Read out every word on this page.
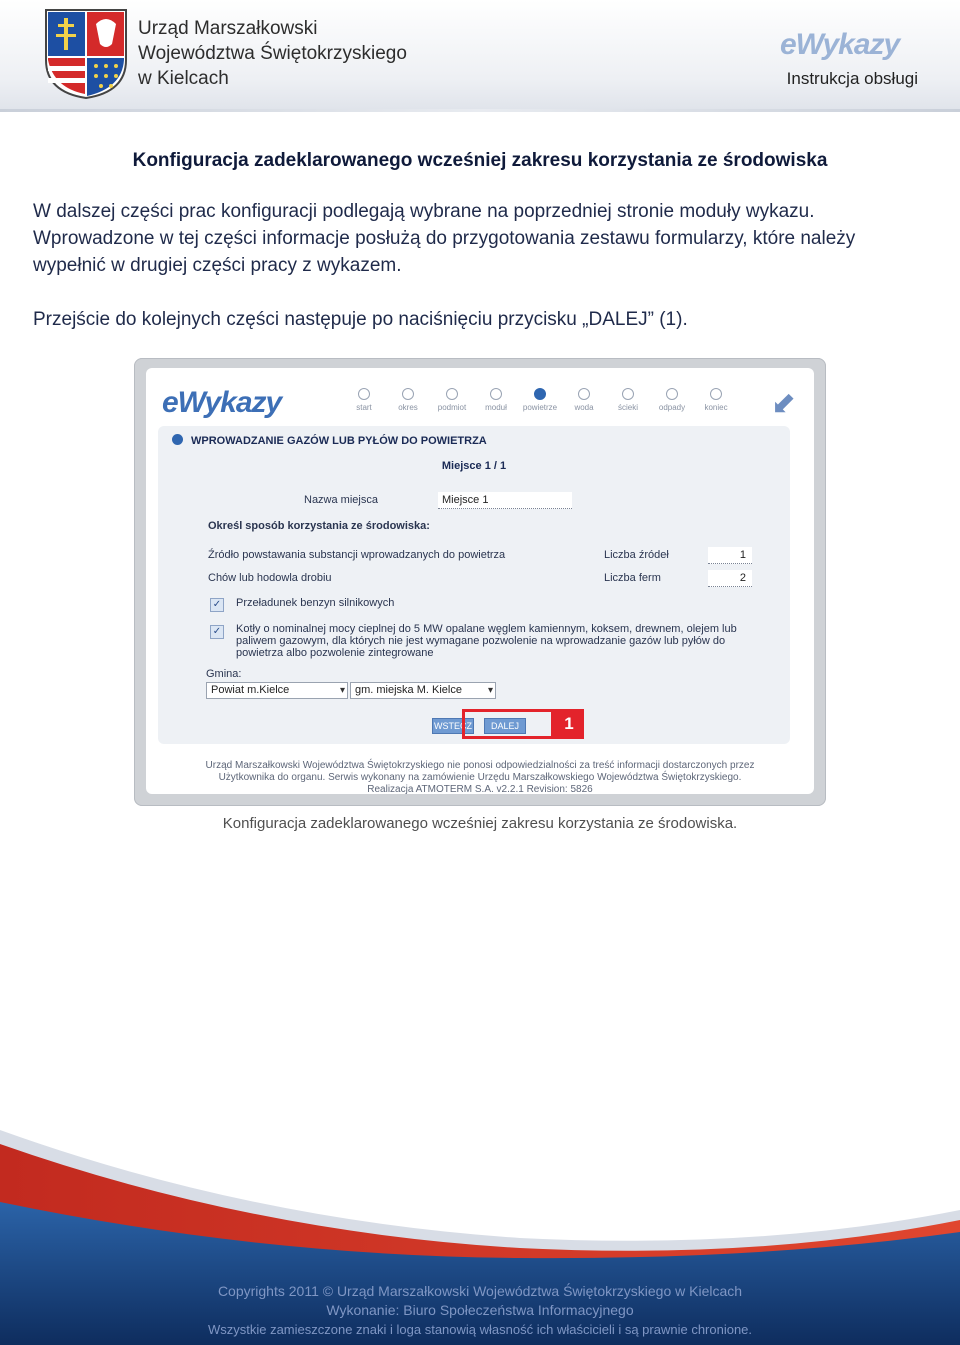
Urząd Marszałkowski
Województwa Świętokrzyskiego
w Kielcach
eWykazy
Instrukcja obsługi
Konfiguracja zadeklarowanego wcześniej zakresu korzystania ze środowiska

W dalszej części prac konfiguracji podlegają wybrane na poprzedniej stronie moduły wykazu. Wprowadzone w tej części informacje posłużą do przygotowania zestawu formularzy, które należy wypełnić w drugiej części pracy z wykazem.

Przejście do kolejnych części następuje po naciśnięciu przycisku „DALEJ” (1).

eWykazy	start	okres	podmiot	moduł	powietrze	woda	ścieki	odpady	koniec	⬋
WPROWADZANIE GAZÓW LUB PYŁÓW DO POWIETRZA
Miejsce 1 / 1
Nazwa miejsca	Miejsce 1
Określ sposób korzystania ze środowiska:
Źródło powstawania substancji wprowadzanych do powietrza	Liczba źródeł	1
Chów lub hodowla drobiu	Liczba ferm	2
✓ Przeładunek benzyn silnikowych
✓ Kotły o nominalnej mocy cieplnej do 5 MW opalane węglem kamiennym, koksem, drewnem, olejem lub paliwem gazowym, dla których nie jest wymagane pozwolenie na wprowadzanie gazów lub pyłów do powietrza albo pozwolenie zintegrowane
Gmina:
Powiat m.Kielce ▾	gm. miejska M. Kielce ▾
WSTECZ	DALEJ
Urząd Marszałkowski Województwa Świętokrzyskiego nie ponosi odpowiedzialności za treść informacji dostarczonych przez
Użytkownika do organu. Serwis wykonany na zamówienie Urzędu Marszałkowskiego Województwa Świętokrzyskiego.
Realizacja ATMOTERM S.A. v2.2.1 Revision: 5826
1
Konfiguracja zadeklarowanego wcześniej zakresu korzystania ze środowiska.
Copyrights 2011 © Urząd Marszałkowski Województwa Świętokrzyskiego w Kielcach
Wykonanie: Biuro Społeczeństwa Informacyjnego
Wszystkie zamieszczone znaki i loga stanowią własność ich właścicieli i są prawnie chronione.
